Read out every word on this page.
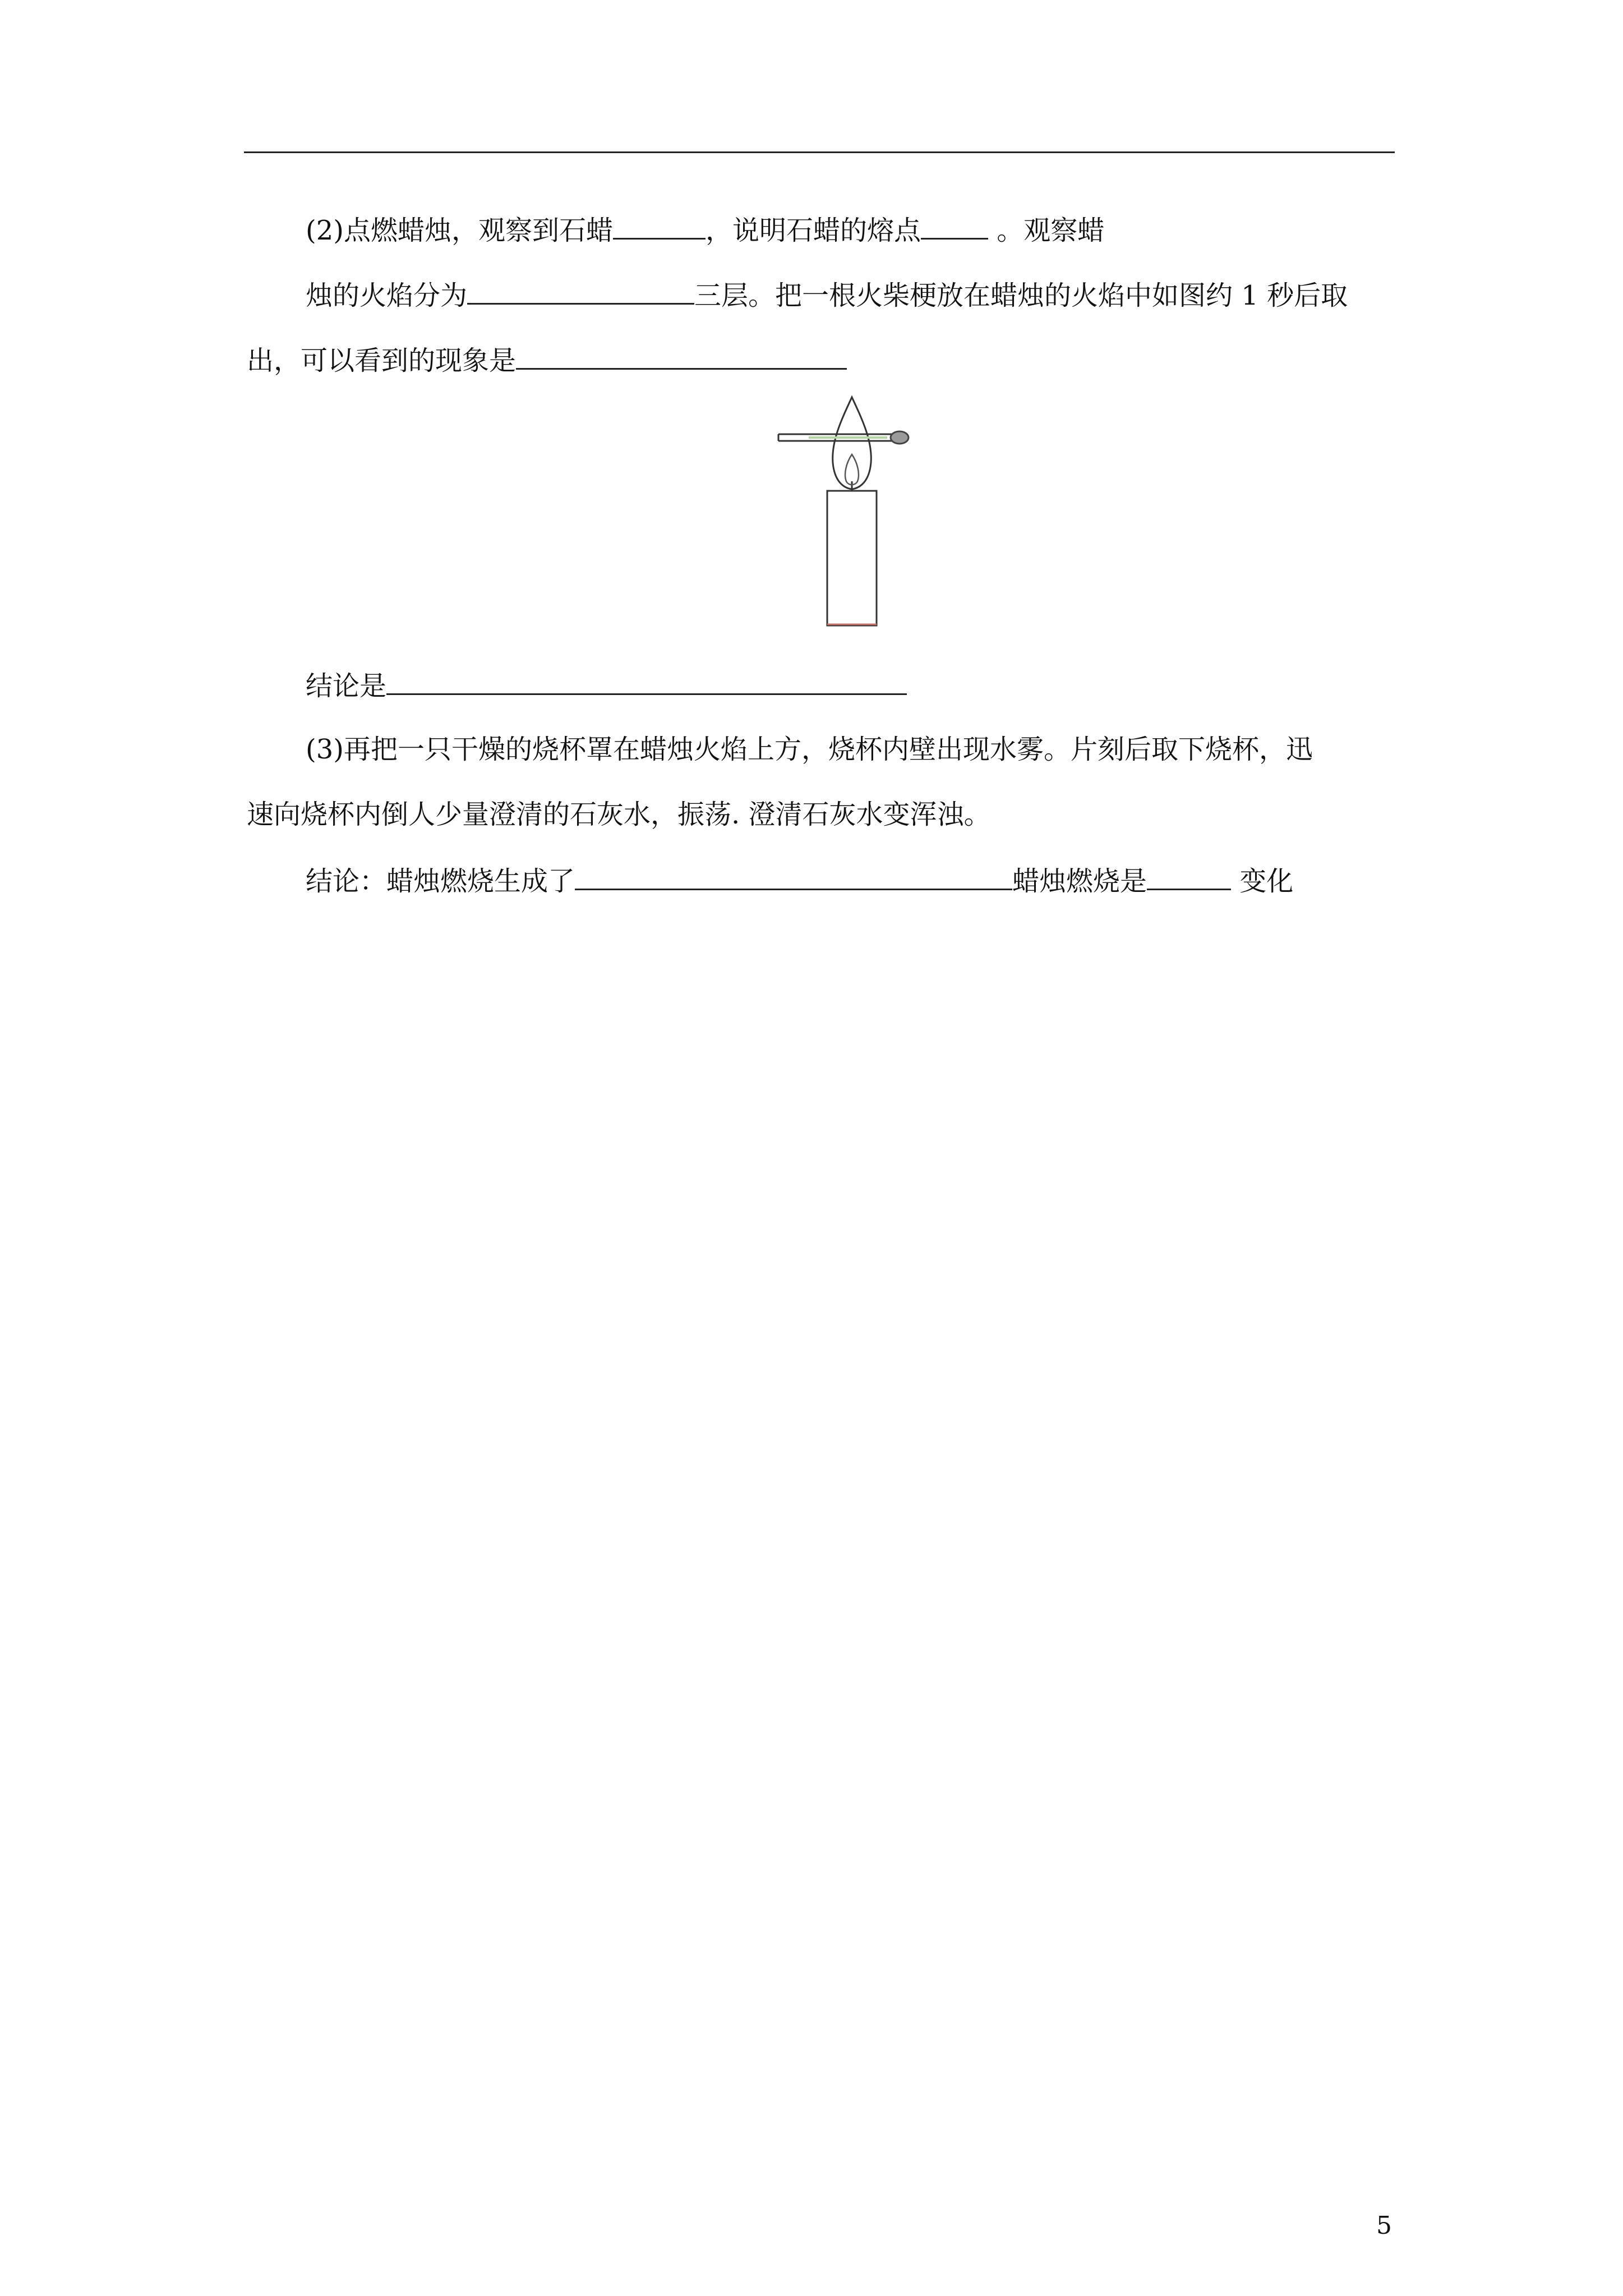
(2)点燃蜡烛，观察到石蜡	，说明石蜡的熔点	。观察蜡
烛的火焰分为	三层。把一根火柴梗放在蜡烛的火焰中如图约 1 秒后取
出，可以看到的现象是
结论是
(3)再把一只干燥的烧杯罩在蜡烛火焰上方，烧杯内壁出现水雾。片刻后取下烧杯，迅
速向烧杯内倒人少量澄清的石灰水，振荡. 澄清石灰水变浑浊。
结论：蜡烛燃烧生成了	蜡烛燃烧是	变化
5
